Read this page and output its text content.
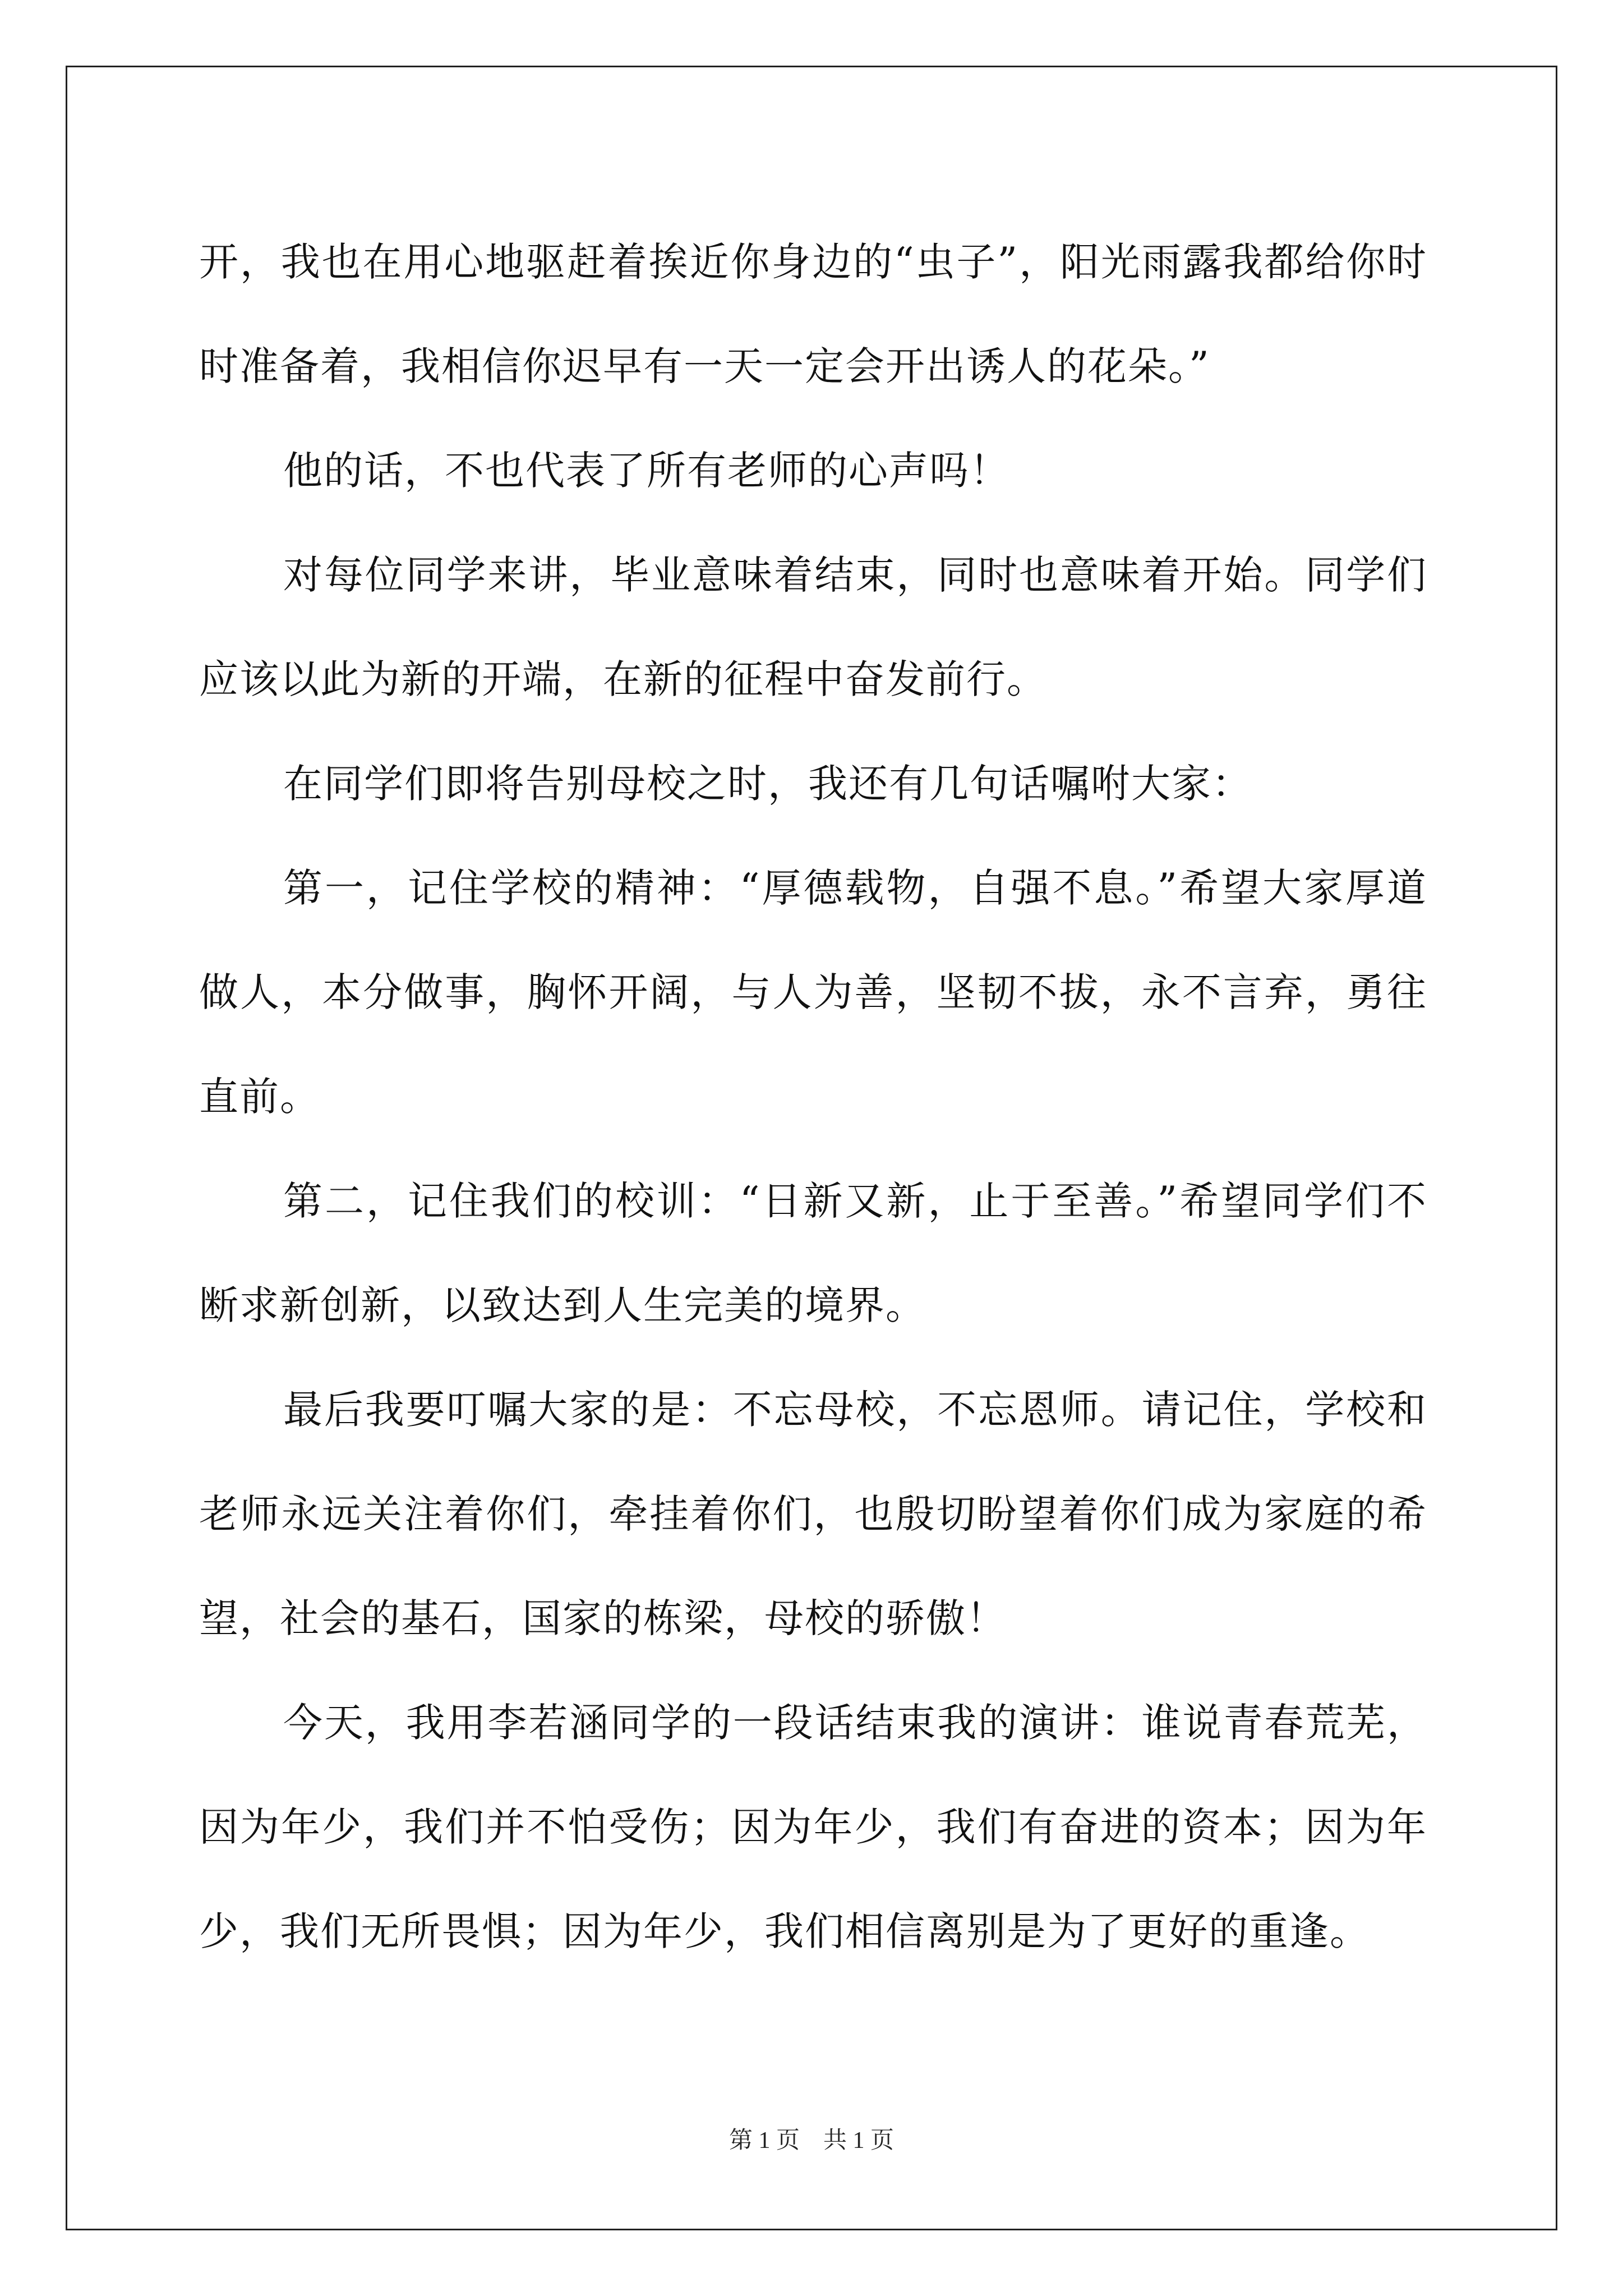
开，我也在用心地驱赶着挨近你身边的“虫子”，阳光雨露我都给你时时准备着，我相信你迟早有一天一定会开出诱人的花朵。”

他的话，不也代表了所有老师的心声吗！

对每位同学来讲，毕业意味着结束，同时也意味着开始。同学们应该以此为新的开端，在新的征程中奋发前行。

在同学们即将告别母校之时，我还有几句话嘱咐大家：

第一，记住学校的精神：“厚德载物，自强不息。”希望大家厚道做人，本分做事，胸怀开阔，与人为善，坚韧不拔，永不言弃，勇往直前。

第二，记住我们的校训：“日新又新，止于至善。”希望同学们不断求新创新，以致达到人生完美的境界。

最后我要叮嘱大家的是：不忘母校，不忘恩师。请记住，学校和老师永远关注着你们，牵挂着你们，也殷切盼望着你们成为家庭的希望，社会的基石，国家的栋梁，母校的骄傲！

今天，我用李若涵同学的一段话结束我的演讲：谁说青春荒芜，因为年少，我们并不怕受伤；因为年少，我们有奋进的资本；因为年少，我们无所畏惧；因为年少，我们相信离别是为了更好的重逢。

第 1 页　共 1 页
